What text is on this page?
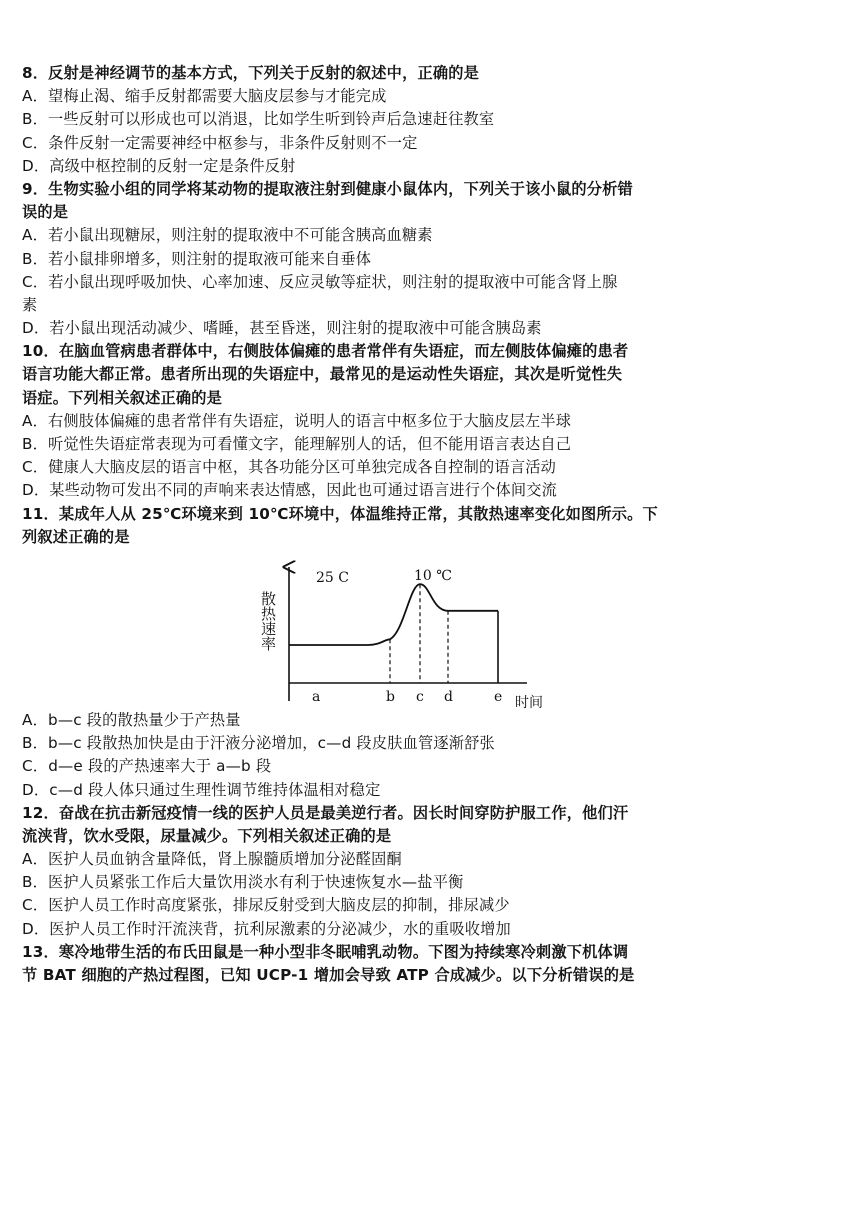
8．反射是神经调节的基本方式，下列关于反射的叙述中，正确的是
A．望梅止渴、缩手反射都需要大脑皮层参与才能完成
B．一些反射可以形成也可以消退，比如学生听到铃声后急速赶往教室
C．条件反射一定需要神经中枢参与，非条件反射则不一定
D．高级中枢控制的反射一定是条件反射
9．生物实验小组的同学将某动物的提取液注射到健康小鼠体内，下列关于该小鼠的分析错
误的是
A．若小鼠出现糖尿，则注射的提取液中不可能含胰高血糖素
B．若小鼠排卵增多，则注射的提取液可能来自垂体
C．若小鼠出现呼吸加快、心率加速、反应灵敏等症状，则注射的提取液中可能含肾上腺
素
D．若小鼠出现活动减少、嗜睡，甚至昏迷，则注射的提取液中可能含胰岛素
10．在脑血管病患者群体中，右侧肢体偏瘫的患者常伴有失语症，而左侧肢体偏瘫的患者
语言功能大都正常。患者所出现的失语症中，最常见的是运动性失语症，其次是听觉性失
语症。下列相关叙述正确的是
A．右侧肢体偏瘫的患者常伴有失语症，说明人的语言中枢多位于大脑皮层左半球
B．听觉性失语症常表现为可看懂文字，能理解别人的话，但不能用语言表达自己
C．健康人大脑皮层的语言中枢，其各功能分区可单独完成各自控制的语言活动
D．某些动物可发出不同的声响来表达情感，因此也可通过语言进行个体间交流
11．某成年人从 25℃环境来到 10℃环境中，体温维持正常，其散热速率变化如图所示。下
列叙述正确的是
散热速率
25 C	10 ℃
a	b c d	e 时间
A．b—c 段的散热量少于产热量
B．b—c 段散热加快是由于汗液分泌增加，c—d 段皮肤血管逐渐舒张
C．d—e 段的产热速率大于 a—b 段
D．c—d 段人体只通过生理性调节维持体温相对稳定
12．奋战在抗击新冠疫情一线的医护人员是最美逆行者。因长时间穿防护服工作，他们汗
流浃背，饮水受限，尿量减少。下列相关叙述正确的是
A．医护人员血钠含量降低，肾上腺髓质增加分泌醛固酮
B．医护人员紧张工作后大量饮用淡水有利于快速恢复水—盐平衡
C．医护人员工作时高度紧张，排尿反射受到大脑皮层的抑制，排尿减少
D．医护人员工作时汗流浃背，抗利尿激素的分泌减少，水的重吸收增加
13．寒冷地带生活的布氏田鼠是一种小型非冬眠哺乳动物。下图为持续寒冷刺激下机体调
节 BAT 细胞的产热过程图，已知 UCP-1 增加会导致 ATP 合成减少。以下分析错误的是
